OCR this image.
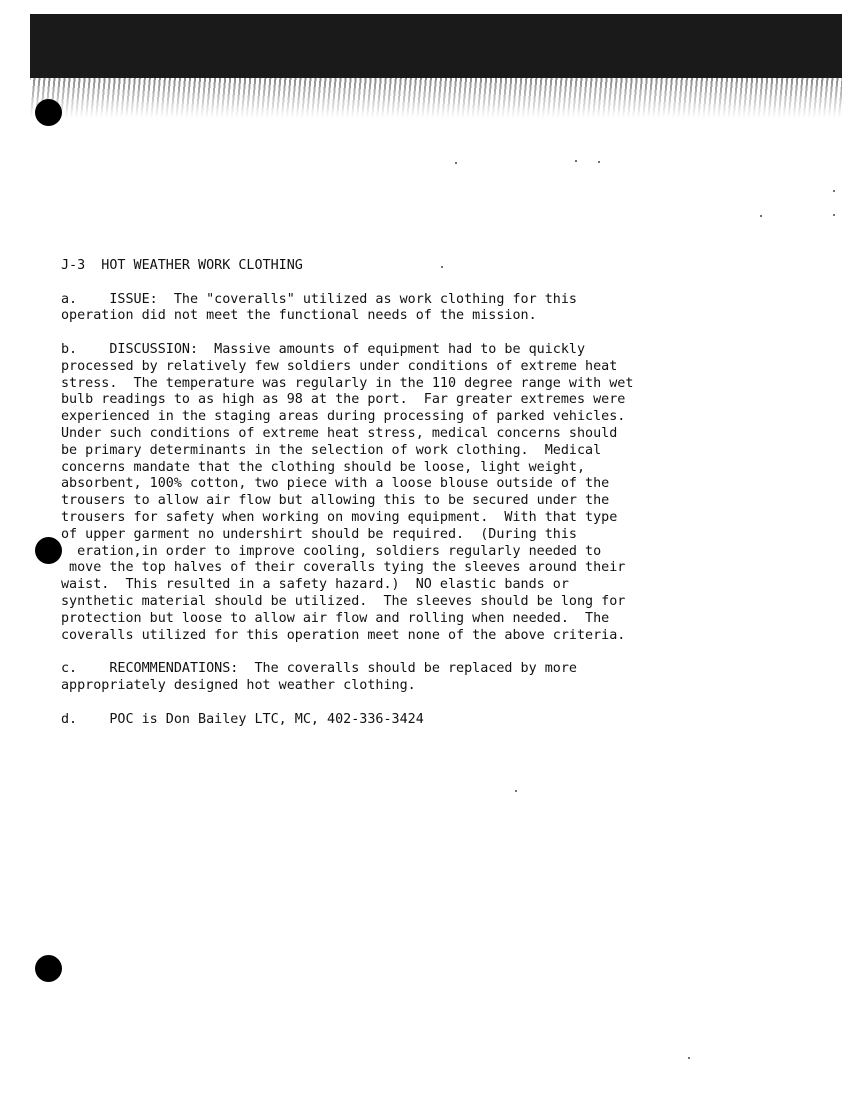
J-3  HOT WEATHER WORK CLOTHING
a.    ISSUE:  The "coveralls" utilized as work clothing for this
operation did not meet the functional needs of the mission.
b.    DISCUSSION:  Massive amounts of equipment had to be quickly
processed by relatively few soldiers under conditions of extreme heat
stress.  The temperature was regularly in the 110 degree range with wet
bulb readings to as high as 98 at the port.  Far greater extremes were
experienced in the staging areas during processing of parked vehicles.
Under such conditions of extreme heat stress, medical concerns should
be primary determinants in the selection of work clothing.  Medical
concerns mandate that the clothing should be loose, light weight,
absorbent, 100% cotton, two piece with a loose blouse outside of the
trousers to allow air flow but allowing this to be secured under the
trousers for safety when working on moving equipment.  With that type
of upper garment no undershirt should be required.  (During this
eration,in order to improve cooling, soldiers regularly needed to
move the top halves of their coveralls tying the sleeves around their
waist.  This resulted in a safety hazard.)  NO elastic bands or
synthetic material should be utilized.  The sleeves should be long for
protection but loose to allow air flow and rolling when needed.  The
coveralls utilized for this operation meet none of the above criteria.
c.    RECOMMENDATIONS:  The coveralls should be replaced by more
appropriately designed hot weather clothing.
d.    POC is Don Bailey LTC, MC, 402-336-3424
